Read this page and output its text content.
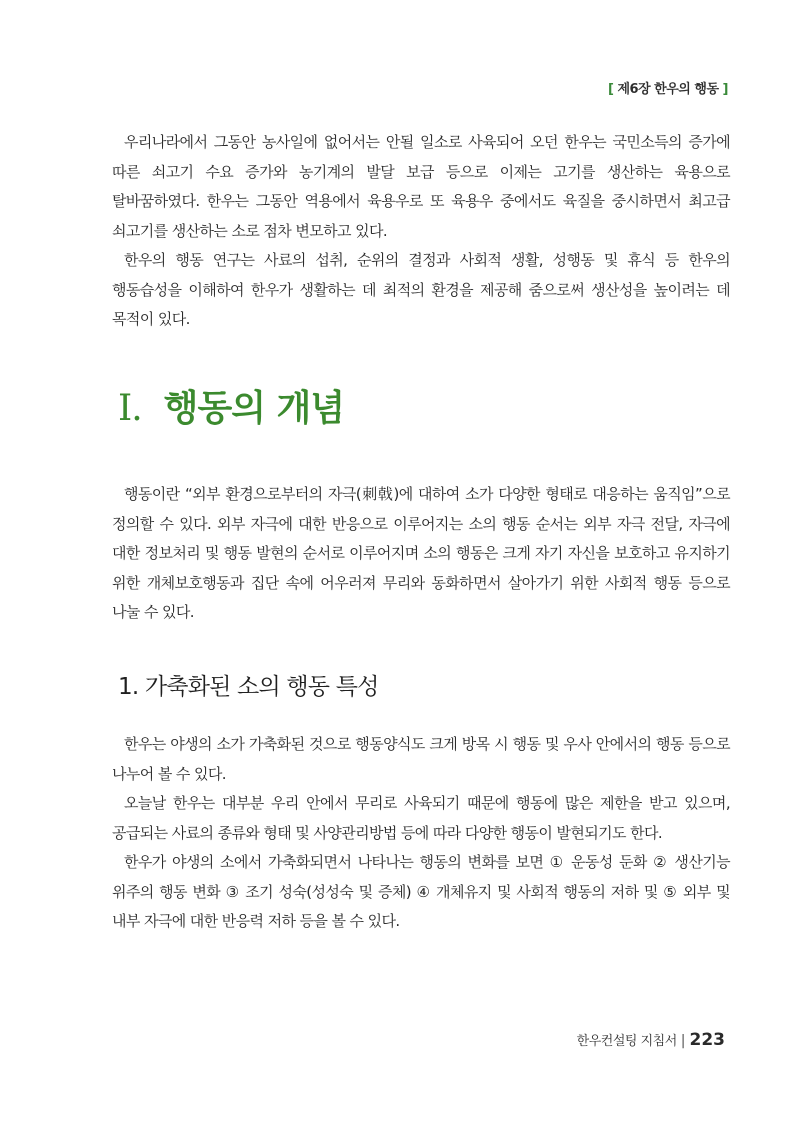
[ 제6장 한우의 행동 ]

우리나라에서 그동안 농사일에 없어서는 안될 일소로 사육되어 오던 한우는 국민소득의 증가에 따른 쇠고기 수요 증가와 농기계의 발달 보급 등으로 이제는 고기를 생산하는 육용으로 탈바꿈하였다. 한우는 그동안 역용에서 육용우로 또 육용우 중에서도 육질을 중시하면서 최고급 쇠고기를 생산하는 소로 점차 변모하고 있다.

한우의 행동 연구는 사료의 섭취, 순위의 결정과 사회적 생활, 성행동 및 휴식 등 한우의 행동습성을 이해하여 한우가 생활하는 데 최적의 환경을 제공해 줌으로써 생산성을 높이려는 데 목적이 있다.

Ⅰ. 행동의 개념

행동이란 “외부 환경으로부터의 자극(刺戟)에 대하여 소가 다양한 형태로 대응하는 움직임”으로 정의할 수 있다. 외부 자극에 대한 반응으로 이루어지는 소의 행동 순서는 외부 자극 전달, 자극에 대한 정보처리 및 행동 발현의 순서로 이루어지며 소의 행동은 크게 자기 자신을 보호하고 유지하기 위한 개체보호행동과 집단 속에 어우러져 무리와 동화하면서 살아가기 위한 사회적 행동 등으로 나눌 수 있다.

1. 가축화된 소의 행동 특성

한우는 야생의 소가 가축화된 것으로 행동양식도 크게 방목 시 행동 및 우사 안에서의 행동 등으로 나누어 볼 수 있다.

오늘날 한우는 대부분 우리 안에서 무리로 사육되기 때문에 행동에 많은 제한을 받고 있으며, 공급되는 사료의 종류와 형태 및 사양관리방법 등에 따라 다양한 행동이 발현되기도 한다.

한우가 야생의 소에서 가축화되면서 나타나는 행동의 변화를 보면 ① 운동성 둔화 ② 생산기능 위주의 행동 변화 ③ 조기 성숙(성성숙 및 증체) ④ 개체유지 및 사회적 행동의 저하 및 ⑤ 외부 및 내부 자극에 대한 반응력 저하 등을 볼 수 있다.

한우컨설팅 지침서 | 223
